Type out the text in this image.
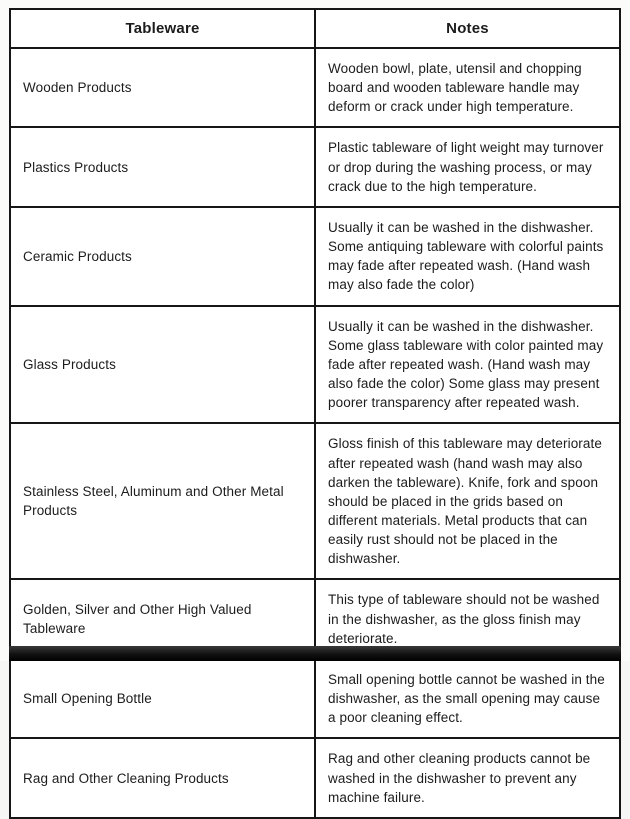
Tableware	Notes
Wooden Products	Wooden bowl, plate, utensil and chopping board and wooden tableware handle may deform or crack under high temperature.
Plastics Products	Plastic tableware of light weight may turnover or drop during the washing process, or may crack due to the high temperature.
Ceramic Products	Usually it can be washed in the dishwasher. Some antiquing tableware with colorful paints may fade after repeated wash. (Hand wash may also fade the color)
Glass Products	Usually it can be washed in the dishwasher. Some glass tableware with color painted may fade after repeated wash. (Hand wash may also fade the color) Some glass may present poorer transparency after repeated wash.
Stainless Steel, Aluminum and Other Metal Products	Gloss finish of this tableware may deteriorate after repeated wash (hand wash may also darken the tableware). Knife, fork and spoon should be placed in the grids based on different materials. Metal products that can easily rust should not be placed in the dishwasher.
Golden, Silver and Other High Valued Tableware	This type of tableware should not be washed in the dishwasher, as the gloss finish may deteriorate.
Small Opening Bottle	Small opening bottle cannot be washed in the dishwasher, as the small opening may cause a poor cleaning effect.
Rag and Other Cleaning Products	Rag and other cleaning products cannot be washed in the dishwasher to prevent any machine failure.
